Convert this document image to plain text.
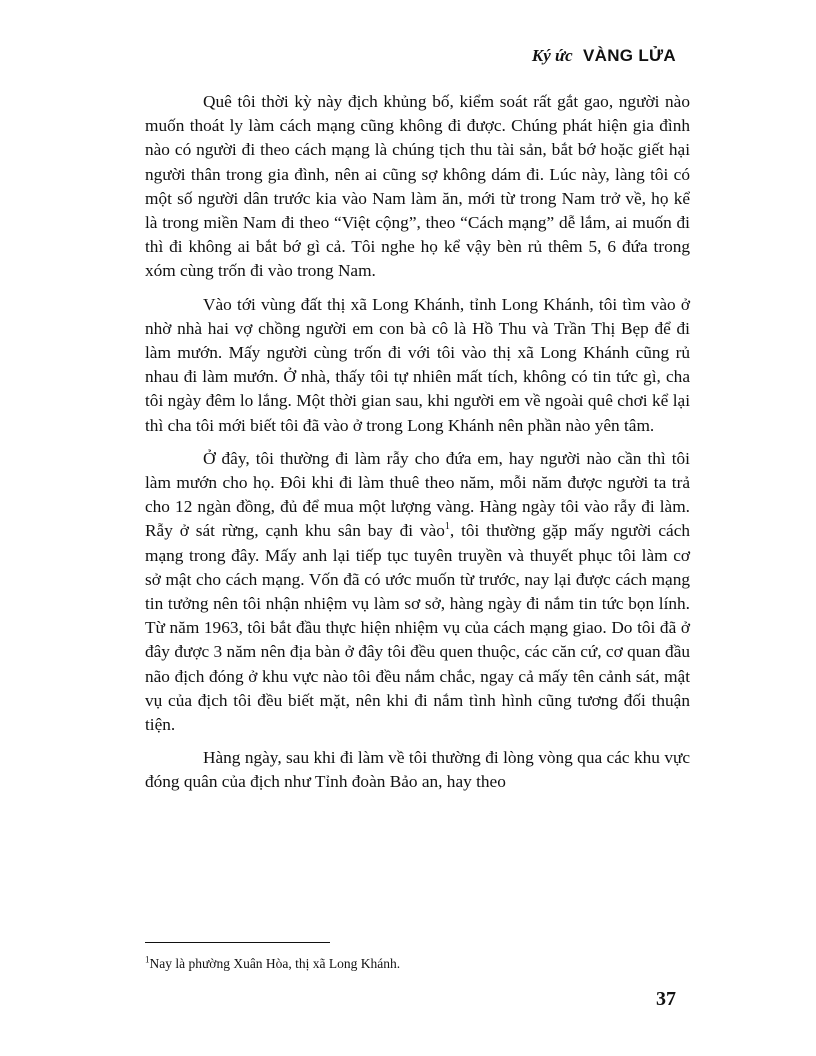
Ký ức VÀNG LỬA

Quê tôi thời kỳ này địch khủng bố, kiểm soát rất gắt gao, người nào muốn thoát ly làm cách mạng cũng không đi được. Chúng phát hiện gia đình nào có người đi theo cách mạng là chúng tịch thu tài sản, bắt bớ hoặc giết hại người thân trong gia đình, nên ai cũng sợ không dám đi. Lúc này, làng tôi có một số người dân trước kia vào Nam làm ăn, mới từ trong Nam trở về, họ kể là trong miền Nam đi theo “Việt cộng”, theo “Cách mạng” dễ lắm, ai muốn đi thì đi không ai bắt bớ gì cả. Tôi nghe họ kể vậy bèn rủ thêm 5, 6 đứa trong xóm cùng trốn đi vào trong Nam.

Vào tới vùng đất thị xã Long Khánh, tỉnh Long Khánh, tôi tìm vào ở nhờ nhà hai vợ chồng người em con bà cô là Hồ Thu và Trần Thị Bẹp để đi làm mướn. Mấy người cùng trốn đi với tôi vào thị xã Long Khánh cũng rủ nhau đi làm mướn. Ở nhà, thấy tôi tự nhiên mất tích, không có tin tức gì, cha tôi ngày đêm lo lắng. Một thời gian sau, khi người em về ngoài quê chơi kể lại thì cha tôi mới biết tôi đã vào ở trong Long Khánh nên phần nào yên tâm.

Ở đây, tôi thường đi làm rẫy cho đứa em, hay người nào cần thì tôi làm mướn cho họ. Đôi khi đi làm thuê theo năm, mỗi năm được người ta trả cho 12 ngàn đồng, đủ để mua một lượng vàng. Hàng ngày tôi vào rẫy đi làm. Rẫy ở sát rừng, cạnh khu sân bay đi vào$^1$, tôi thường gặp mấy người cách mạng trong đây. Mấy anh lại tiếp tục tuyên truyền và thuyết phục tôi làm cơ sở mật cho cách mạng. Vốn đã có ước muốn từ trước, nay lại được cách mạng tin tưởng nên tôi nhận nhiệm vụ làm sơ sở, hàng ngày đi nắm tin tức bọn lính. Từ năm 1963, tôi bắt đầu thực hiện nhiệm vụ của cách mạng giao. Do tôi đã ở đây được 3 năm nên địa bàn ở đây tôi đều quen thuộc, các căn cứ, cơ quan đầu não địch đóng ở khu vực nào tôi đều nắm chắc, ngay cả mấy tên cảnh sát, mật vụ của địch tôi đều biết mặt, nên khi đi nắm tình hình cũng tương đối thuận tiện.

Hàng ngày, sau khi đi làm về tôi thường đi lòng vòng qua các khu vực đóng quân của địch như Tỉnh đoàn Bảo an, hay theo

$^1$Nay là phường Xuân Hòa, thị xã Long Khánh.
37
